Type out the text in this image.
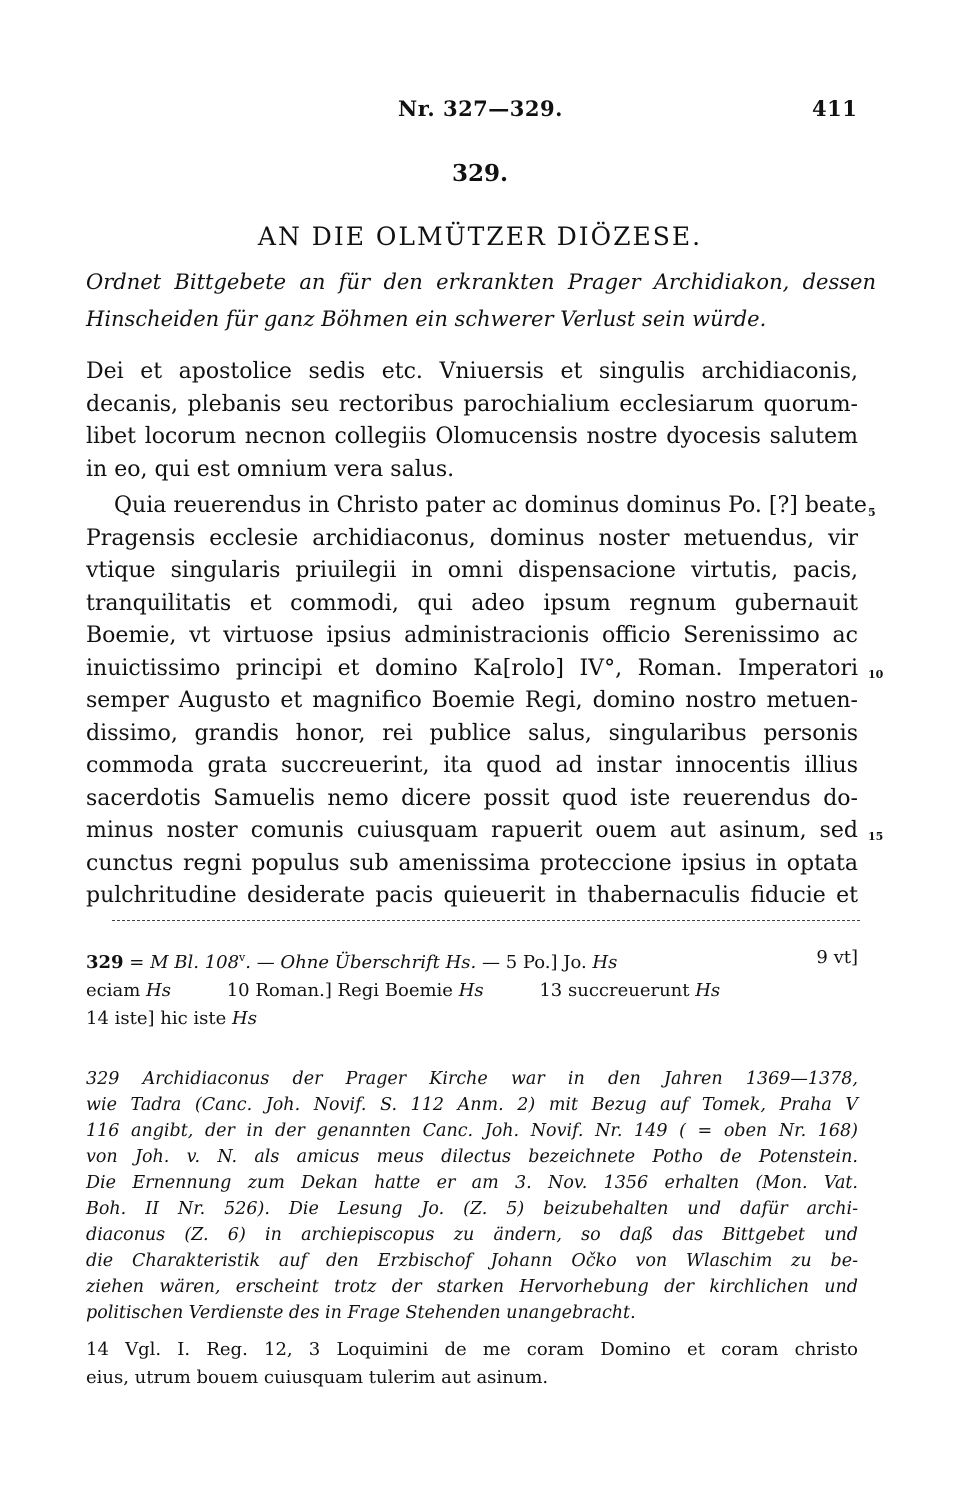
Nr. 327—329.	411
329.
AN DIE OLMÜTZER DIÖZESE.
Ordnet Bittgebete an für den erkrankten Prager Archidiakon, dessen Hinscheiden für ganz Böhmen ein schwerer Verlust sein würde.
Dei et apostolice sedis etc. Vniuersis et singulis archidiaconis,
decanis, plebanis seu rectoribus parochialium ecclesiarum quorum-
libet locorum necnon collegiis Olomucensis nostre dyocesis salutem
in eo, qui est omnium vera salus.
Quia reuerendus in Christo pater ac dominus dominus Po. [?] beate
Pragensis ecclesie archidiaconus, dominus noster metuendus, vir
vtique singularis priuilegii in omni dispensacione virtutis, pacis,
tranquilitatis et commodi, qui adeo ipsum regnum gubernauit
Boemie, vt virtuose ipsius administracionis officio Serenissimo ac
inuictissimo principi et domino Ka[rolo] IV°, Roman. Imperatori
semper Augusto et magnifico Boemie Regi, domino nostro metuen-
dissimo, grandis honor, rei publice salus, singularibus personis
commoda grata succreuerint, ita quod ad instar innocentis illius
sacerdotis Samuelis nemo dicere possit quod iste reuerendus do-
minus noster comunis cuiusquam rapuerit ouem aut asinum, sed
cunctus regni populus sub amenissima proteccione ipsius in optata
pulchritudine desiderate pacis quieuerit in thabernaculis fiducie et
5
10
15
329 = M Bl. 108$^v$. — Ohne Überschrift Hs. — 5 Po.] Jo. Hs	9 vt]
eciam Hs	10 Roman.] Regi Boemie Hs	13 succreuerunt Hs
14 iste] hic iste Hs
329 Archidiaconus der Prager Kirche war in den Jahren 1369—1378,
wie Tadra (Canc. Joh. Novif. S. 112 Anm. 2) mit Bezug auf Tomek, Praha V
116 angibt, der in der genannten Canc. Joh. Novif. Nr. 149 ( = oben Nr. 168)
von Joh. v. N. als amicus meus dilectus bezeichnete Potho de Potenstein.
Die Ernennung zum Dekan hatte er am 3. Nov. 1356 erhalten (Mon. Vat.
Boh. II Nr. 526). Die Lesung Jo. (Z. 5) beizubehalten und dafür archi-
diaconus (Z. 6) in archiepiscopus zu ändern, so daß das Bittgebet und
die Charakteristik auf den Erzbischof Johann Očko von Wlaschim zu be-
ziehen wären, erscheint trotz der starken Hervorhebung der kirchlichen und
politischen Verdienste des in Frage Stehenden unangebracht.
14 Vgl. I. Reg. 12, 3 Loquimini de me coram Domino et coram christo
eius, utrum bouem cuiusquam tulerim aut asinum.
